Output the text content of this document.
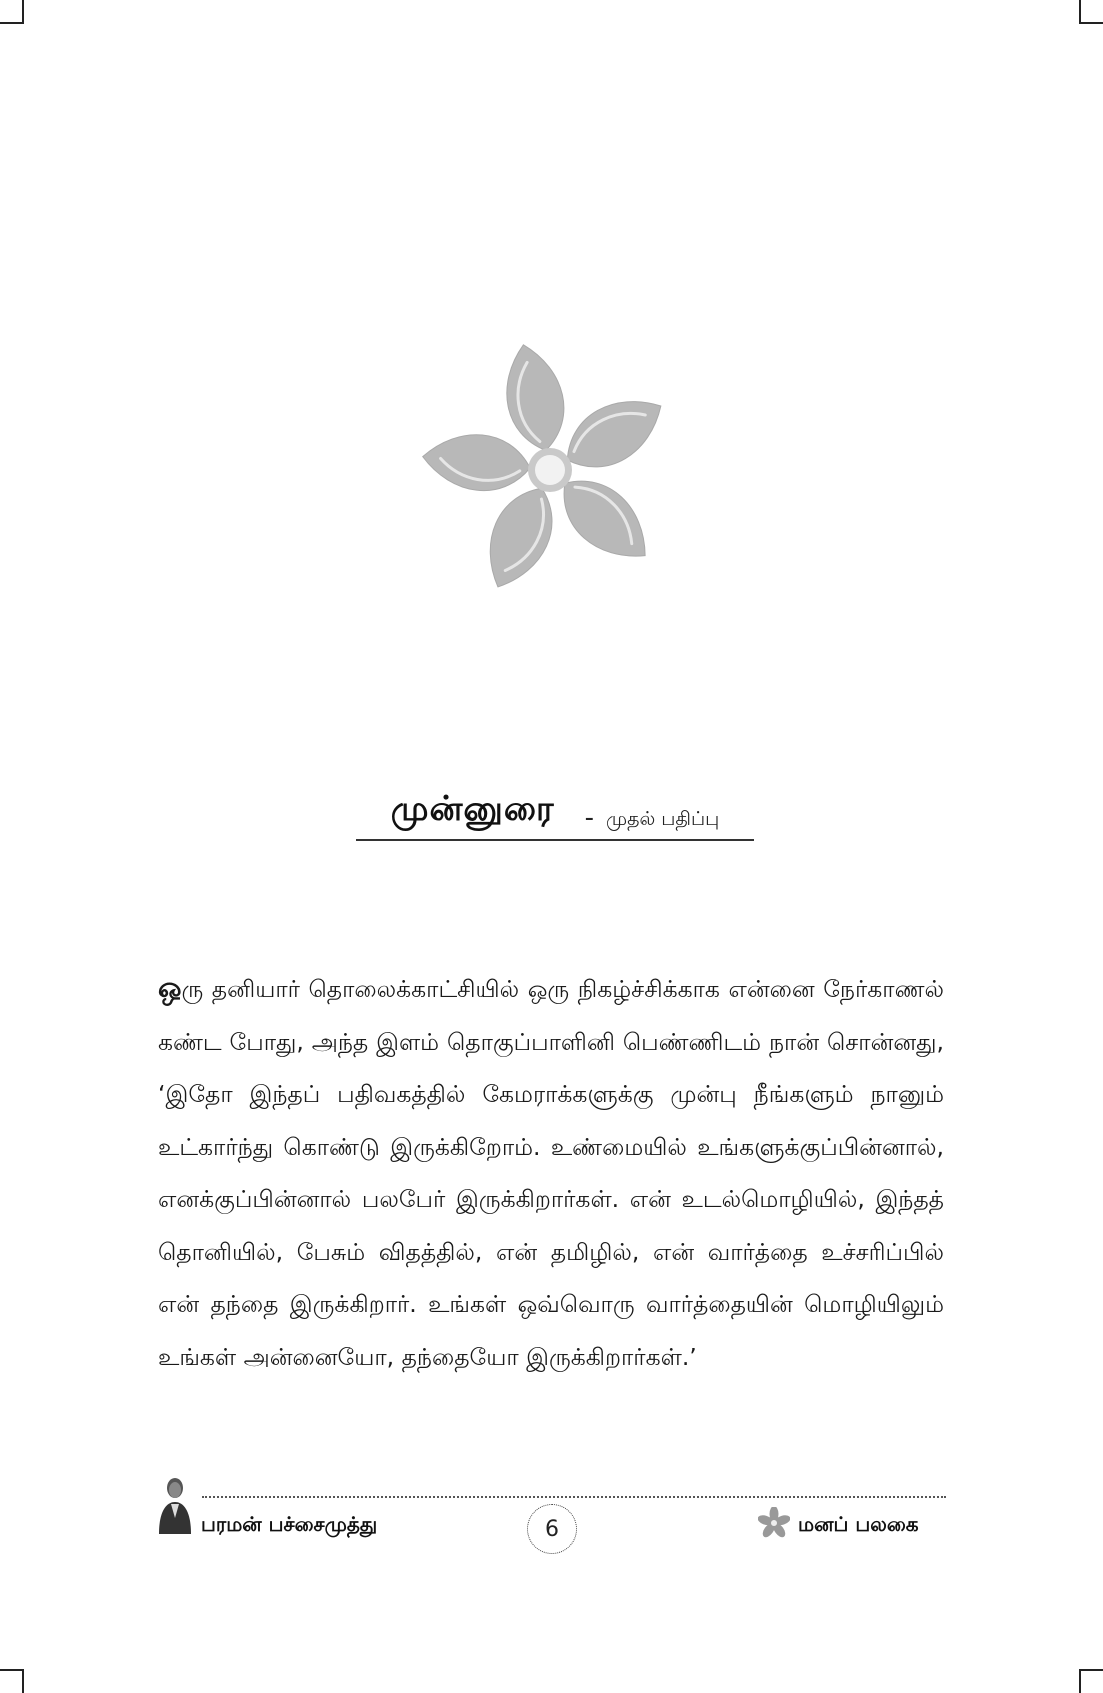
முன்னுரை - முதல் பதிப்பு
ஒரு தனியார் தொலைக்காட்சியில் ஒரு நிகழ்ச்சிக்காக என்னை நேர்காணல் கண்ட போது, அந்த இளம் தொகுப்பாளினி பெண்ணிடம் நான் சொன்னது, ‘இதோ இந்தப் பதிவகத்தில் கேமராக்களுக்கு முன்பு நீங்களும் நானும் உட்கார்ந்து கொண்டு இருக்கிறோம். உண்மையில் உங்களுக்குப்பின்னால், எனக்குப்பின்னால் பலபேர் இருக்கிறார்கள். என் உடல்மொழியில், இந்தத் தொனியில், பேசும் விதத்தில், என் தமிழில், என் வார்த்தை உச்சரிப்பில் என் தந்தை இருக்கிறார். உங்கள் ஒவ்வொரு வார்த்தையின் மொழியிலும் உங்கள் அன்னையோ, தந்தையோ இருக்கிறார்கள்.’
பரமன் பச்சைமுத்து	6	மனப் பலகை
